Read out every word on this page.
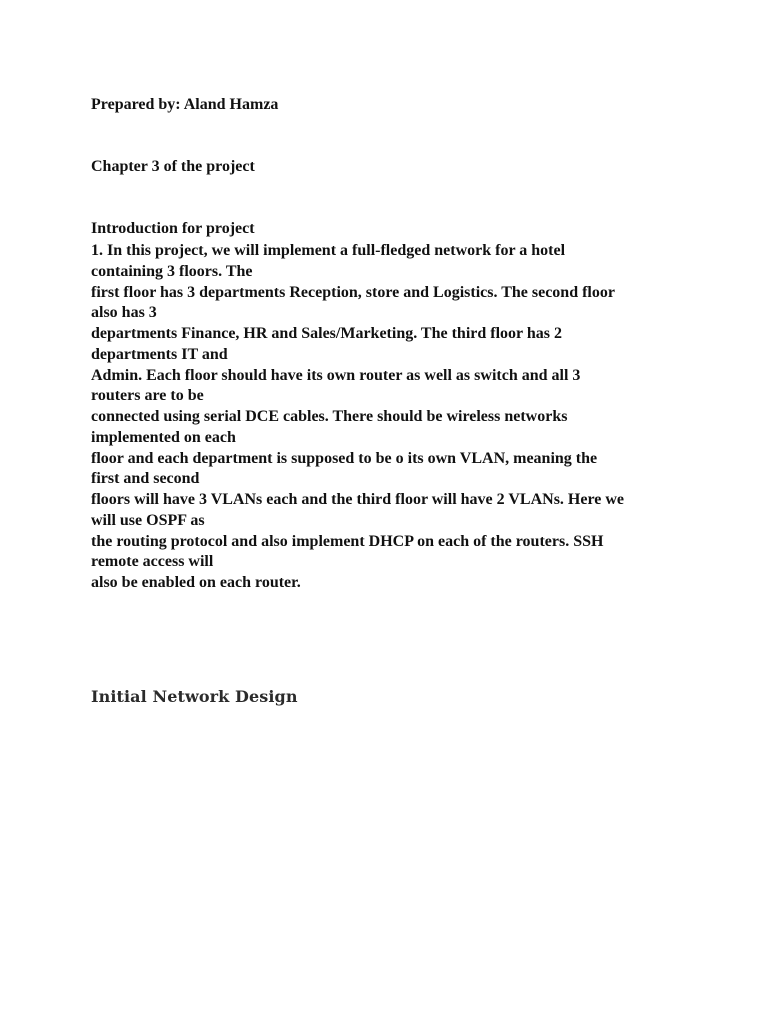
Prepared by: Aland Hamza
Chapter 3 of the project
Introduction for project
1. In this project, we will implement a full-fledged network for a hotel
containing 3 floors. The
first floor has 3 departments Reception, store and Logistics. The second floor
also has 3
departments Finance, HR and Sales/Marketing. The third floor has 2
departments IT and
Admin. Each floor should have its own router as well as switch and all 3
routers are to be
connected using serial DCE cables. There should be wireless networks
implemented on each
floor and each department is supposed to be o its own VLAN, meaning the
first and second
floors will have 3 VLANs each and the third floor will have 2 VLANs. Here we
will use OSPF as
the routing protocol and also implement DHCP on each of the routers. SSH
remote access will
also be enabled on each router.
Initial Network Design
